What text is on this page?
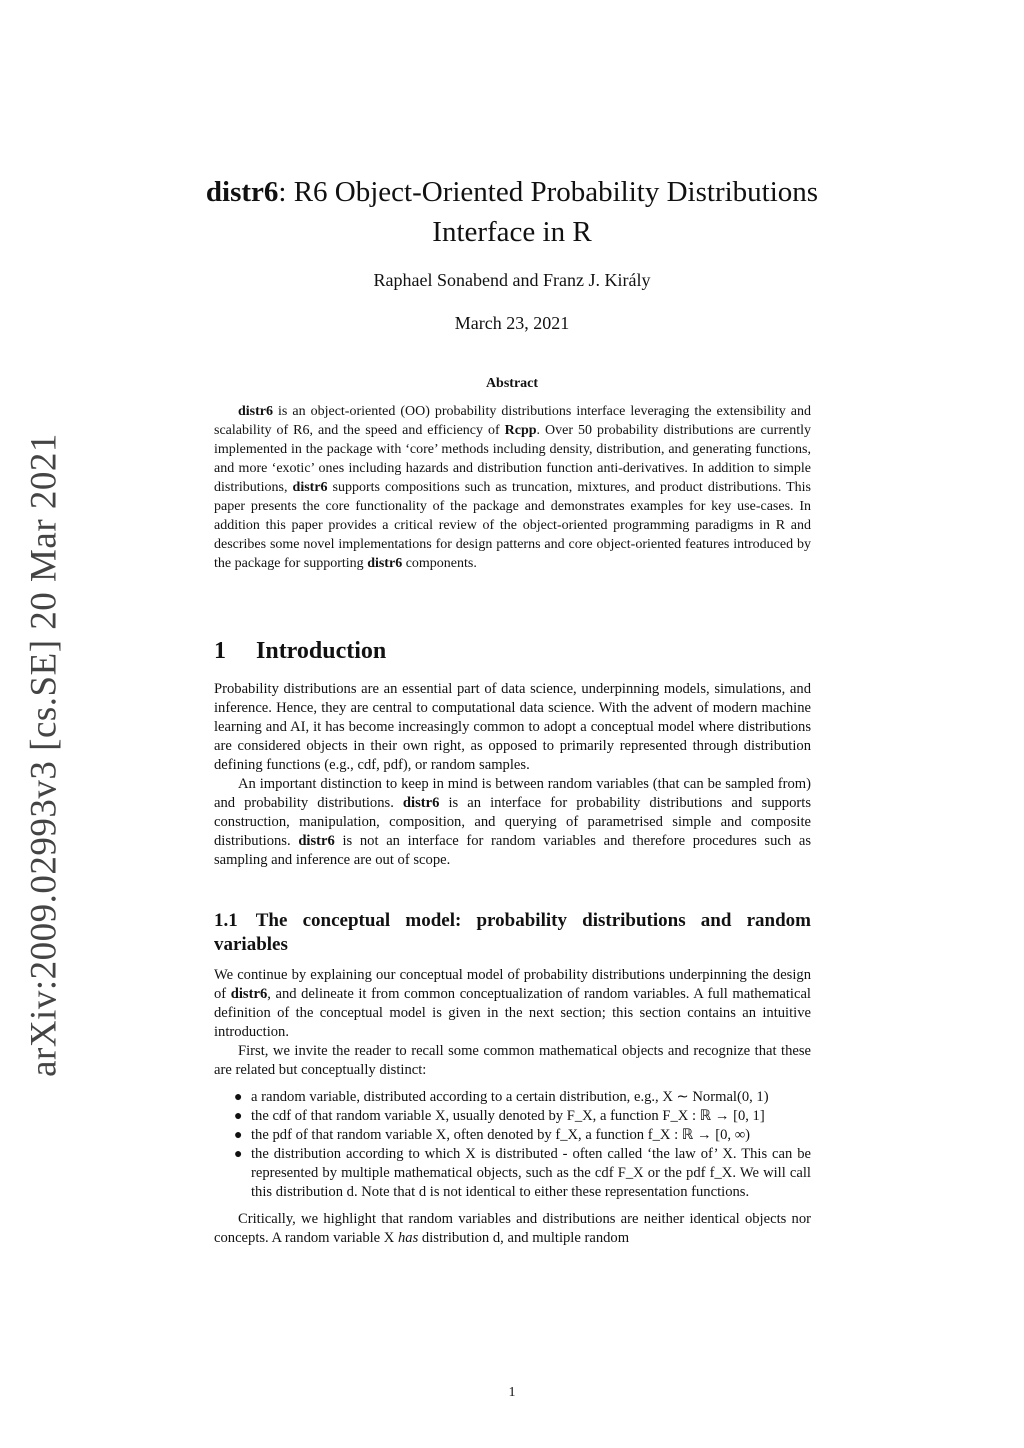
arXiv:2009.02993v3 [cs.SE] 20 Mar 2021
distr6: R6 Object-Oriented Probability Distributions
Interface in R
Raphael Sonabend and Franz J. Király
March 23, 2021
Abstract

distr6 is an object-oriented (OO) probability distributions interface leveraging the extensibility and scalability of R6, and the speed and efficiency of Rcpp. Over 50 probability distributions are currently implemented in the package with ‘core’ methods including density, distribution, and generating functions, and more ‘exotic’ ones including hazards and distribution function anti-derivatives. In addition to simple distributions, distr6 supports compositions such as truncation, mixtures, and product distributions. This paper presents the core functionality of the package and demonstrates examples for key use-cases. In addition this paper provides a critical review of the object-oriented programming paradigms in R and describes some novel implementations for design patterns and core object-oriented features introduced by the package for supporting distr6 components.

1 Introduction

Probability distributions are an essential part of data science, underpinning models, simulations, and inference. Hence, they are central to computational data science. With the advent of modern machine learning and AI, it has become increasingly common to adopt a conceptual model where distributions are considered objects in their own right, as opposed to primarily represented through distribution defining functions (e.g., cdf, pdf), or random samples.

An important distinction to keep in mind is between random variables (that can be sampled from) and probability distributions. distr6 is an interface for probability distributions and supports construction, manipulation, composition, and querying of parametrised simple and composite distributions. distr6 is not an interface for random variables and therefore procedures such as sampling and inference are out of scope.

1.1 The conceptual model: probability distributions and random variables

We continue by explaining our conceptual model of probability distributions underpinning the design of distr6, and delineate it from common conceptualization of random variables. A full mathematical definition of the conceptual model is given in the next section; this section contains an intuitive introduction.

First, we invite the reader to recall some common mathematical objects and recognize that these are related but conceptually distinct:

● a random variable, distributed according to a certain distribution, e.g., X ∼ Normal(0, 1)
● the cdf of that random variable X, usually denoted by F_X, a function F_X : ℝ → [0, 1]
● the pdf of that random variable X, often denoted by f_X, a function f_X : ℝ → [0, ∞)
● the distribution according to which X is distributed - often called ‘the law of’ X. This can be represented by multiple mathematical objects, such as the cdf F_X or the pdf f_X. We will call this distribution d. Note that d is not identical to either these representation functions.

Critically, we highlight that random variables and distributions are neither identical objects nor concepts. A random variable X has distribution d, and multiple random

1
